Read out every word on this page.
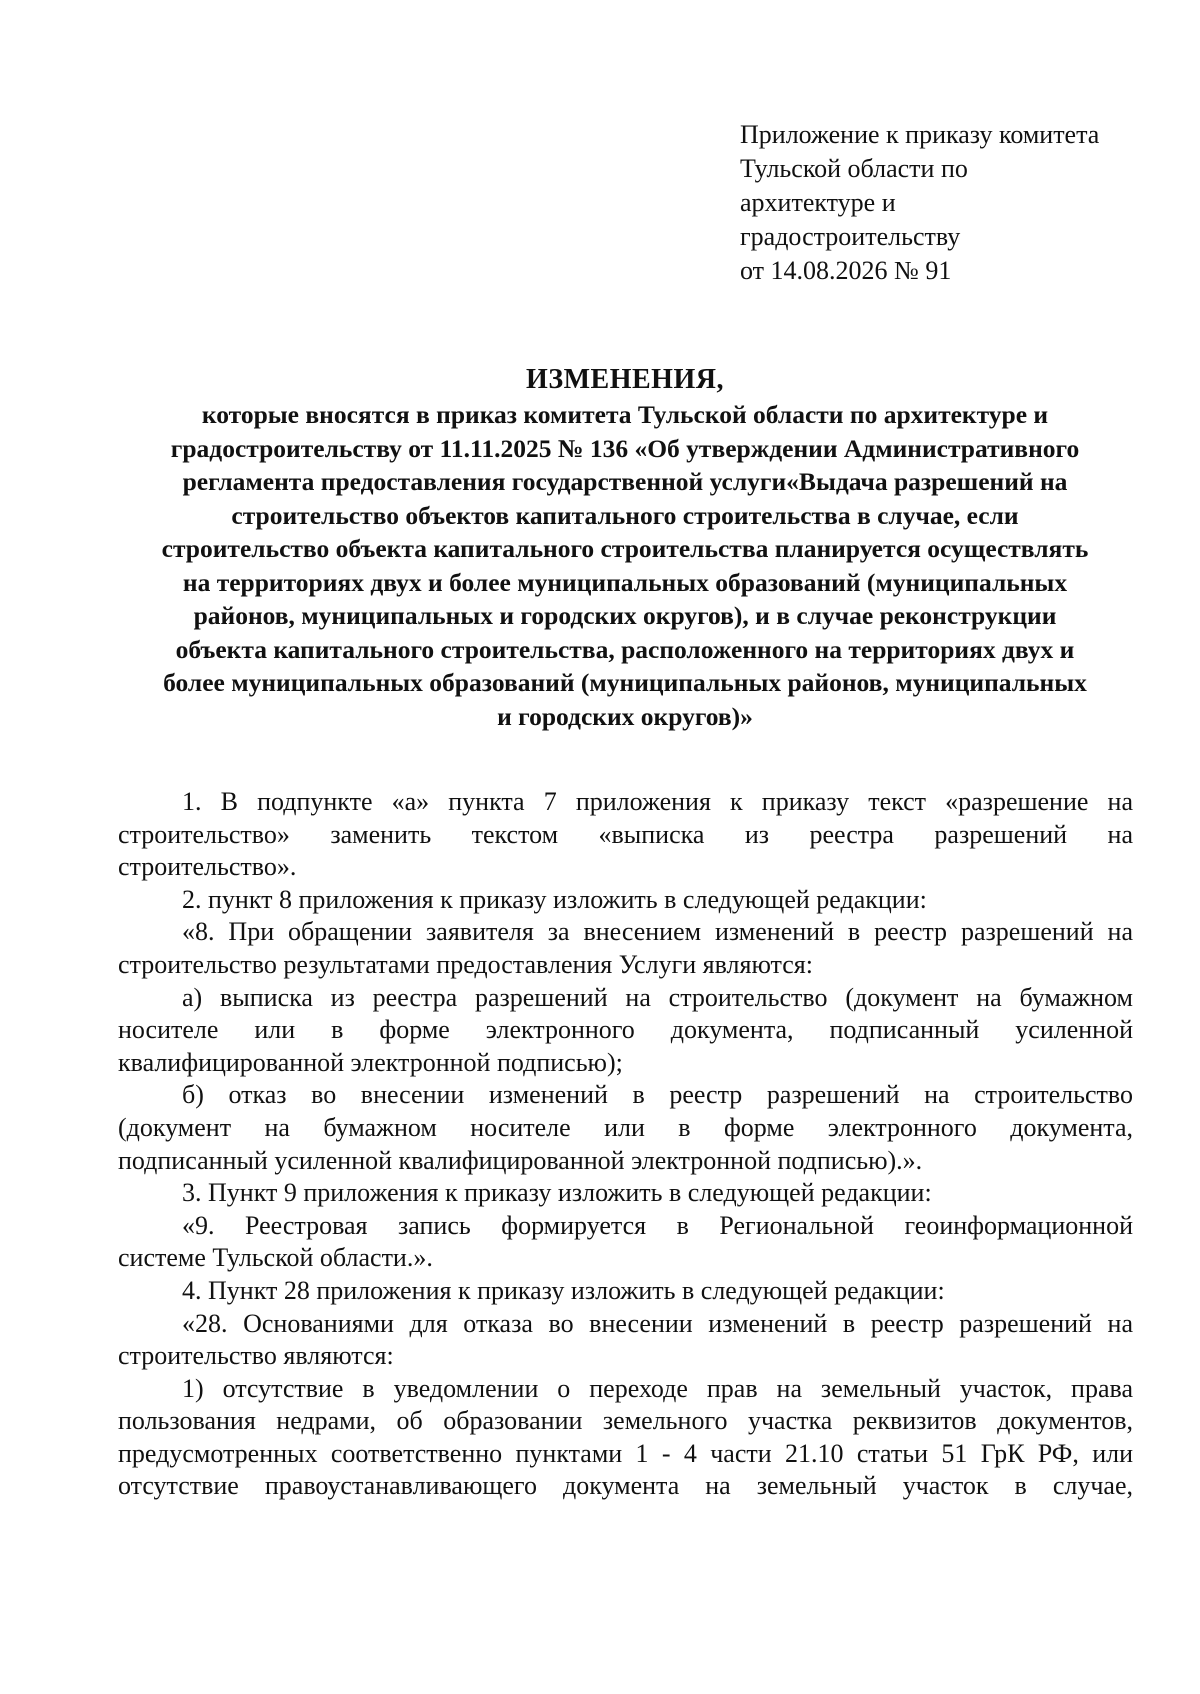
Приложение к приказу комитета
Тульской области по
архитектуре и
градостроительству
от 14.08.2026 № 91
ИЗМЕНЕНИЯ,
которые вносятся в приказ комитета Тульской области по архитектуре и
градостроительству от 11.11.2025 № 136 «Об утверждении Административного
регламента предоставления государственной услуги«Выдача разрешений на
строительство объектов капитального строительства в случае, если
строительство объекта капитального строительства планируется осуществлять
на территориях двух и более муниципальных образований (муниципальных
районов, муниципальных и городских округов), и в случае реконструкции
объекта капитального строительства, расположенного на территориях двух и
более муниципальных образований (муниципальных районов, муниципальных
и городских округов)»
1. В подпункте «а» пункта 7 приложения к приказу текст «разрешение на
строительство» заменить текстом «выписка из реестра разрешений на
строительство».
2. пункт 8 приложения к приказу изложить в следующей редакции:
«8. При обращении заявителя за внесением изменений в реестр разрешений на
строительство результатами предоставления Услуги являются:
а) выписка из реестра разрешений на строительство (документ на бумажном
носителе или в форме электронного документа, подписанный усиленной
квалифицированной электронной подписью);
б) отказ во внесении изменений в реестр разрешений на строительство
(документ на бумажном носителе или в форме электронного документа,
подписанный усиленной квалифицированной электронной подписью).».
3. Пункт 9 приложения к приказу изложить в следующей редакции:
«9. Реестровая запись формируется в Региональной геоинформационной
системе Тульской области.».
4. Пункт 28 приложения к приказу изложить в следующей редакции:
«28. Основаниями для отказа во внесении изменений в реестр разрешений на
строительство являются:
1) отсутствие в уведомлении о переходе прав на земельный участок, права
пользования недрами, об образовании земельного участка реквизитов документов,
предусмотренных соответственно пунктами 1 - 4 части 21.10 статьи 51 ГрК РФ, или
отсутствие правоустанавливающего документа на земельный участок в случае,
